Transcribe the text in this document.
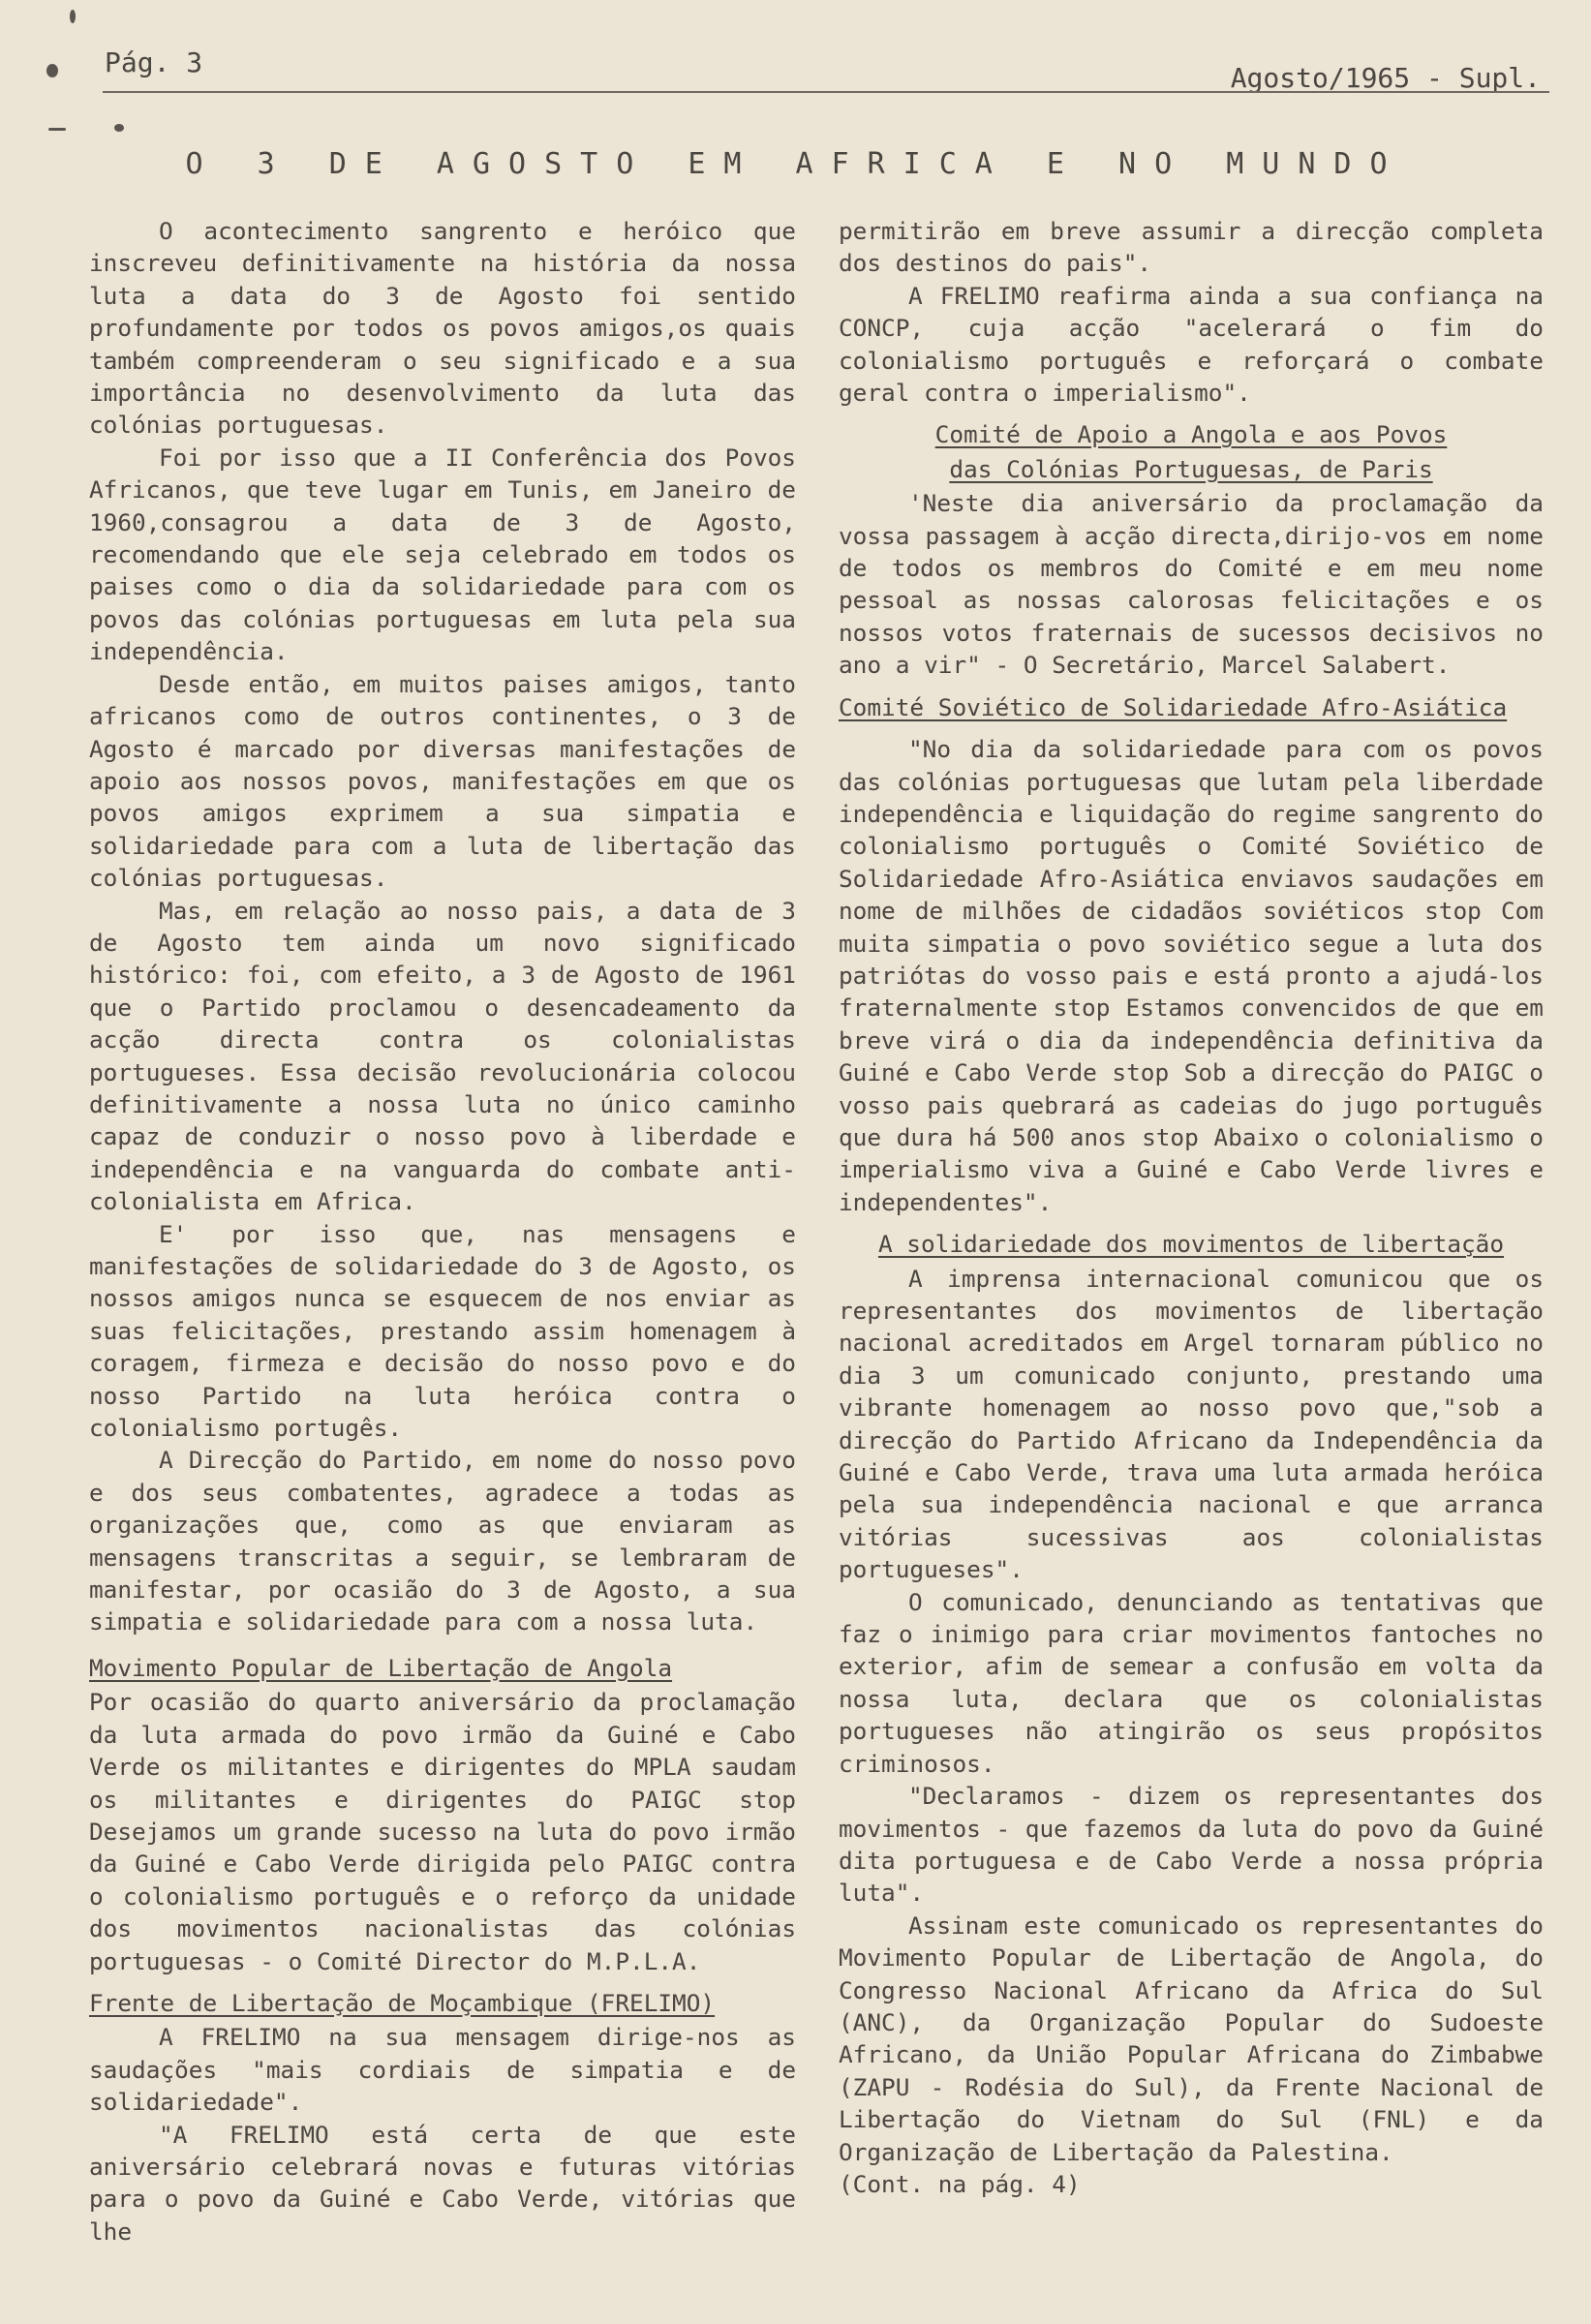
Pág. 3	Agosto/1965 - Supl.
O 3 DE AGOSTO EM AFRICA E NO MUNDO

O acontecimento sangrento e heróico que inscreveu definitivamente na história da nossa luta a data do 3 de Agosto foi sentido profundamente por todos os povos amigos,os quais também compreenderam o seu significado e a sua importância no desenvolvimento da luta das colónias portuguesas.

Foi por isso que a II Conferência dos Povos Africanos, que teve lugar em Tunis, em Janeiro de 1960,consagrou a data de 3 de Agosto, recomendando que ele seja celebrado em todos os paises como o dia da solidariedade para com os povos das colónias portuguesas em luta pela sua independência.

Desde então, em muitos paises amigos, tanto africanos como de outros continentes, o 3 de Agosto é marcado por diversas manifestações de apoio aos nossos povos, manifestações em que os povos amigos exprimem a sua simpatia e solidariedade para com a luta de libertação das colónias portuguesas.

Mas, em relação ao nosso pais, a data de 3 de Agosto tem ainda um novo significado histórico: foi, com efeito, a 3 de Agosto de 1961 que o Partido proclamou o desencadeamento da acção directa contra os colonialistas portugueses. Essa decisão revolucionária colocou definitivamente a nossa luta no único caminho capaz de conduzir o nosso povo à liberdade e independência e na vanguarda do combate anti-colonialista em Africa.

E' por isso que, nas mensagens e manifestações de solidariedade do 3 de Agosto, os nossos amigos nunca se esquecem de nos enviar as suas felicitações, prestando assim homenagem à coragem, firmeza e decisão do nosso povo e do nosso Partido na luta heróica contra o colonialismo portugês.

A Direcção do Partido, em nome do nosso povo e dos seus combatentes, agradece a todas as organizações que, como as que enviaram as mensagens transcritas a seguir, se lembraram de manifestar, por ocasião do 3 de Agosto, a sua simpatia e solidariedade para com a nossa luta.

Movimento Popular de Libertação de Angola

Por ocasião do quarto aniversário da proclamação da luta armada do povo irmão da Guiné e Cabo Verde os militantes e dirigentes do MPLA saudam os militantes e dirigentes do PAIGC stop Desejamos um grande sucesso na luta do povo irmão da Guiné e Cabo Verde dirigida pelo PAIGC contra o colonialismo português e o reforço da unidade dos movimentos nacionalistas das colónias portuguesas - o Comité Director do M.P.L.A.

Frente de Libertação de Moçambique (FRELIMO)

A FRELIMO na sua mensagem dirige-nos as saudações "mais cordiais de simpatia e de solidariedade".

"A FRELIMO está certa de que este aniversário celebrará novas e futuras vitórias para o povo da Guiné e Cabo Verde, vitórias que lhe

permitirão em breve assumir a direcção completa dos destinos do pais".

A FRELIMO reafirma ainda a sua confiança na CONCP, cuja acção "acelerará o fim do colonialismo português e reforçará o combate geral contra o imperialismo".

Comité de Apoio a Angola e aos Povos
das Colónias Portuguesas, de Paris

'Neste dia aniversário da proclamação da vossa passagem à acção directa,dirijo-vos em nome de todos os membros do Comité e em meu nome pessoal as nossas calorosas felicitações e os nossos votos fraternais de sucessos decisivos no ano a vir" - O Secretário, Marcel Salabert.

Comité Soviético de Solidariedade Afro-Asiática

"No dia da solidariedade para com os povos das colónias portuguesas que lutam pela liberdade independência e liquidação do regime sangrento do colonialismo português o Comité Soviético de Solidariedade Afro-Asiática enviavos saudações em nome de milhões de cidadãos soviéticos stop Com muita simpatia o povo soviético segue a luta dos patriótas do vosso pais e está pronto a ajudá-los fraternalmente stop Estamos convencidos de que em breve virá o dia da independência definitiva da Guiné e Cabo Verde stop Sob a direcção do PAIGC o vosso pais quebrará as cadeias do jugo português que dura há 500 anos stop Abaixo o colonialismo o imperialismo viva a Guiné e Cabo Verde livres e independentes".

A solidariedade dos movimentos de libertação

A imprensa internacional comunicou que os representantes dos movimentos de libertação nacional acreditados em Argel tornaram público no dia 3 um comunicado conjunto, prestando uma vibrante homenagem ao nosso povo que,"sob a direcção do Partido Africano da Independência da Guiné e Cabo Verde, trava uma luta armada heróica pela sua independência nacional e que arranca vitórias sucessivas aos colonialistas portugueses".

O comunicado, denunciando as tentativas que faz o inimigo para criar movimentos fantoches no exterior, afim de semear a confusão em volta da nossa luta, declara que os colonialistas portugueses não atingirão os seus propósitos criminosos.

"Declaramos - dizem os representantes dos movimentos - que fazemos da luta do povo da Guiné dita portuguesa e de Cabo Verde a nossa própria luta".

Assinam este comunicado os representantes do Movimento Popular de Libertação de Angola, do Congresso Nacional Africano da Africa do Sul (ANC), da Organização Popular do Sudoeste Africano, da União Popular Africana do Zimbabwe (ZAPU - Rodésia do Sul), da Frente Nacional de Libertação do Vietnam do Sul (FNL) e da Organização de Libertação da Palestina.

(Cont. na pág. 4)
